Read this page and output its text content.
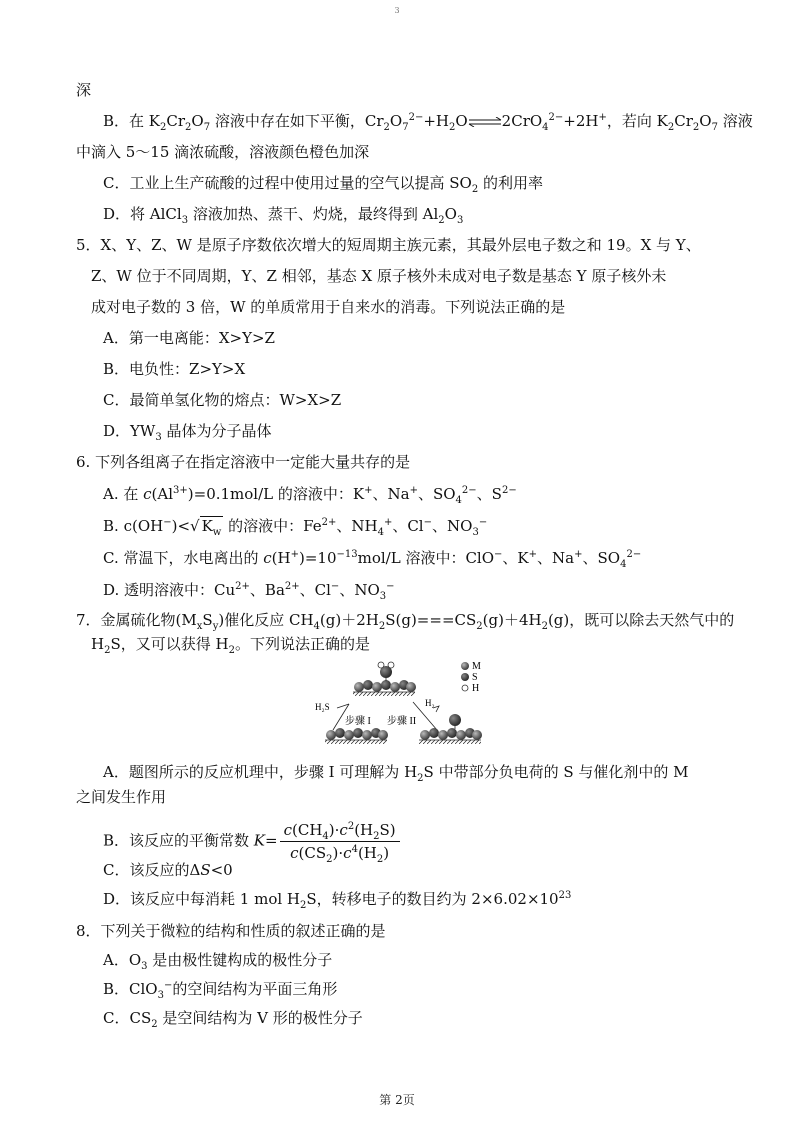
3
深
B．在 $K_2Cr_2O_7$ 溶液中存在如下平衡，$Cr_2O_7^{2-}+H_2O\rightleftharpoons 2CrO_4^{2-}+2H^+$，若向 $K_2Cr_2O_7$ 溶液
中滴入 5～15 滴浓硫酸，溶液颜色橙色加深
C．工业上生产硫酸的过程中使用过量的空气以提高 $SO_2$ 的利用率
D．将 AlCl$_3$ 溶液加热、蒸干、灼烧，最终得到 $Al_2O_3$
5．X、Y、Z、W 是原子序数依次增大的短周期主族元素，其最外层电子数之和 19。X 与 Y、
Z、W 位于不同周期，Y、Z 相邻，基态 X 原子核外未成对电子数是基态 Y 原子核外未
成对电子数的 3 倍，W 的单质常用于自来水的消毒。下列说法正确的是
A．第一电离能：X>Y>Z
B．电负性：Z>Y>X
C．最简单氢化物的熔点：W>X>Z
D．$YW_3$ 晶体为分子晶体
6. 下列各组离子在指定溶液中一定能大量共存的是
A. 在 $c(Al^{3+})=0.1mol/L$ 的溶液中：K+、Na+、$SO_4^{2-}$、$S^{2-}$
B. c(OH−)<√ $K_w$ 的溶液中：$Fe^{2+}$、$NH_4^+$、Cl−、$NO_3^-$
C. 常温下，水电离出的 $c(H^+)=10^{-13}mol/L$ 溶液中：ClO−、K+、Na+、$SO_4^{2-}$
D. 透明溶液中：$Cu^{2+}$、$Ba^{2+}$、Cl−、$NO_3^-$
7．金属硫化物$(M_xS_y)$催化反应 $CH_4(g)+2H_2S(g)===CS_2(g)+4H_2(g)$，既可以除去天然气中的
$H_2S$，又可以获得 $H_2$。下列说法正确的是
M
S
H
H₂S	H₂
步骤 I 步骤 II
A．题图所示的反应机理中，步骤 I 可理解为 $H_2S$ 中带部分负电荷的 S 与催化剂中的 M
之间发生作用
B．该反应的平衡常数 $K= \frac{c(CH_4)\cdot c^2(H_2S)}{c(CS_2)\cdot c^4(H_2)}$
C．该反应的ΔS<0
D．该反应中每消耗 1 mol $H_2S$，转移电子的数目约为 $2\times 6.02\times 10^{23}$
8．下列关于微粒的结构和性质的叙述正确的是
A．$O_3$ 是由极性键构成的极性分子
B．ClO$_3$−的空间结构为平面三角形
C．$CS_2$ 是空间结构为 V 形的极性分子
第 2页
